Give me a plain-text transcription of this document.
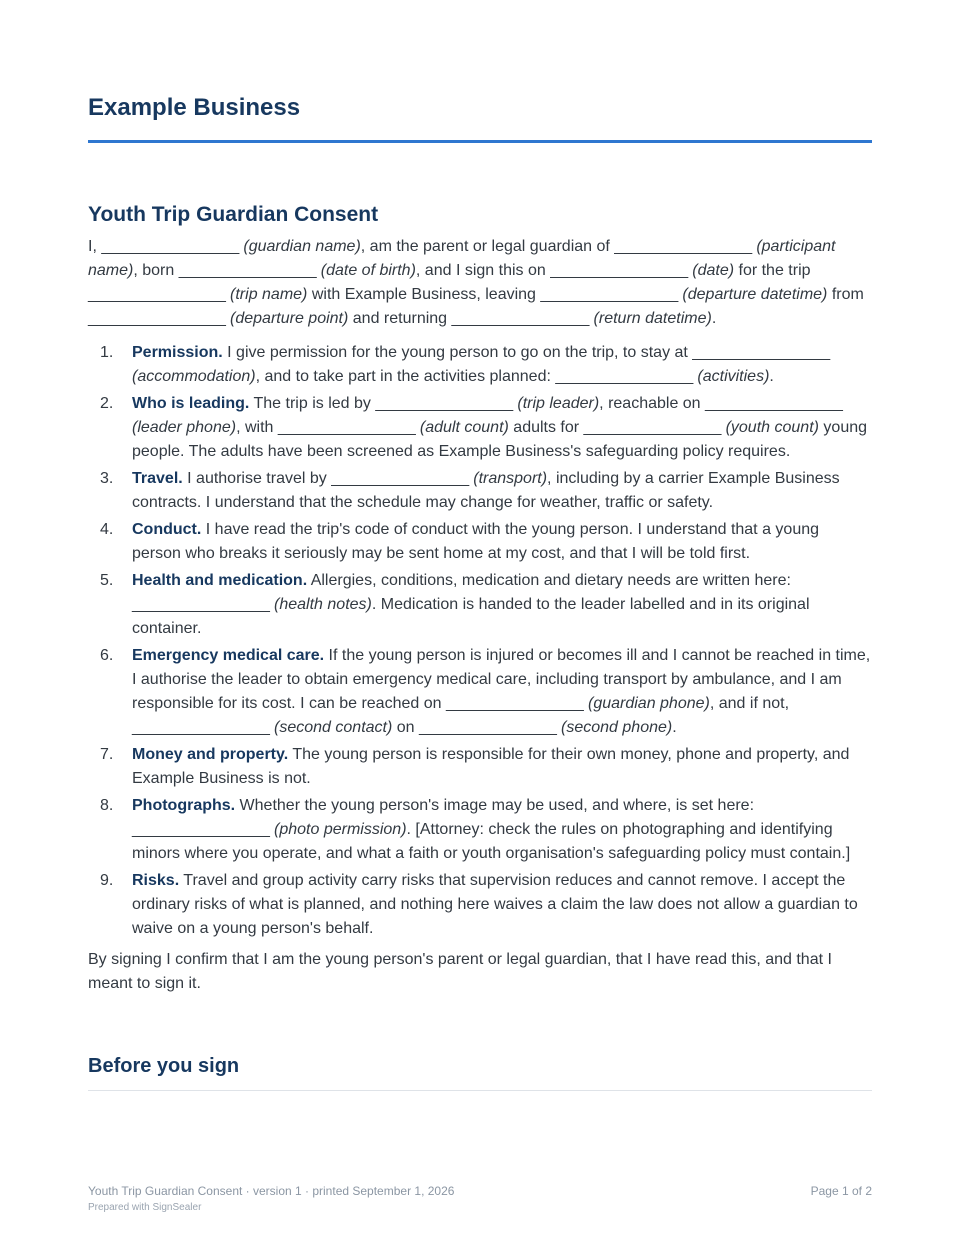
Example Business
Youth Trip Guardian Consent

I, ________________ (guardian name), am the parent or legal guardian of ________________ (participant name), born ________________ (date of birth), and I sign this on ________________ (date) for the trip ________________ (trip name) with Example Business, leaving ________________ (departure datetime) from ________________ (departure point) and returning ________________ (return datetime).

1. Permission. I give permission for the young person to go on the trip, to stay at ________________ (accommodation), and to take part in the activities planned: ________________ (activities).
2. Who is leading. The trip is led by ________________ (trip leader), reachable on ________________ (leader phone), with ________________ (adult count) adults for ________________ (youth count) young people. The adults have been screened as Example Business's safeguarding policy requires.
3. Travel. I authorise travel by ________________ (transport), including by a carrier Example Business contracts. I understand that the schedule may change for weather, traffic or safety.
4. Conduct. I have read the trip's code of conduct with the young person. I understand that a young person who breaks it seriously may be sent home at my cost, and that I will be told first.
5. Health and medication. Allergies, conditions, medication and dietary needs are written here: ________________ (health notes). Medication is handed to the leader labelled and in its original container.
6. Emergency medical care. If the young person is injured or becomes ill and I cannot be reached in time, I authorise the leader to obtain emergency medical care, including transport by ambulance, and I am responsible for its cost. I can be reached on ________________ (guardian phone), and if not, ________________ (second contact) on ________________ (second phone).
7. Money and property. The young person is responsible for their own money, phone and property, and Example Business is not.
8. Photographs. Whether the young person's image may be used, and where, is set here: ________________ (photo permission). [Attorney: check the rules on photographing and identifying minors where you operate, and what a faith or youth organisation's safeguarding policy must contain.]
9. Risks. Travel and group activity carry risks that supervision reduces and cannot remove. I accept the ordinary risks of what is planned, and nothing here waives a claim the law does not allow a guardian to waive on a young person's behalf.

By signing I confirm that I am the young person's parent or legal guardian, that I have read this, and that I meant to sign it.

Before you sign
Youth Trip Guardian Consent · version 1 · printed September 1, 2026
Prepared with SignSealer
Page 1 of 2
